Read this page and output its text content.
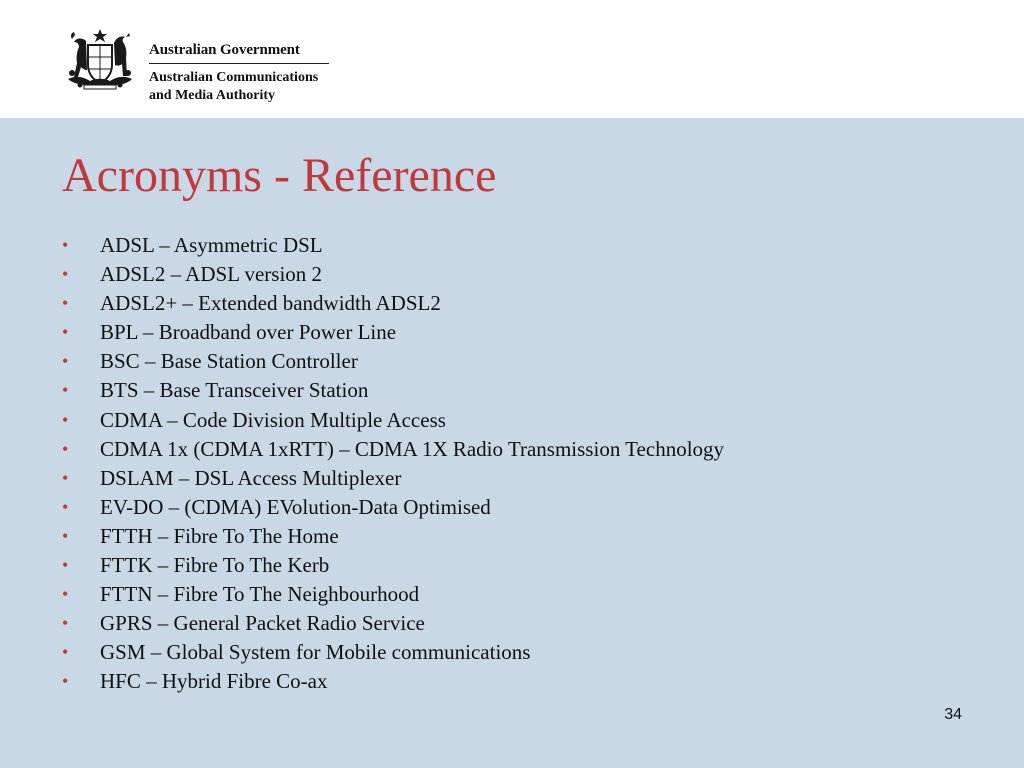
Australian Government
Australian Communications
and Media Authority
Acronyms - Reference
• ADSL – Asymmetric DSL
• ADSL2 – ADSL version 2
• ADSL2+ – Extended bandwidth ADSL2
• BPL – Broadband over Power Line
• BSC – Base Station Controller
• BTS – Base Transceiver Station
• CDMA – Code Division Multiple Access
• CDMA 1x (CDMA 1xRTT) – CDMA 1X Radio Transmission Technology
• DSLAM – DSL Access Multiplexer
• EV-DO – (CDMA) EVolution-Data Optimised
• FTTH – Fibre To The Home
• FTTK – Fibre To The Kerb
• FTTN – Fibre To The Neighbourhood
• GPRS – General Packet Radio Service
• GSM – Global System for Mobile communications
• HFC – Hybrid Fibre Co-ax
34
